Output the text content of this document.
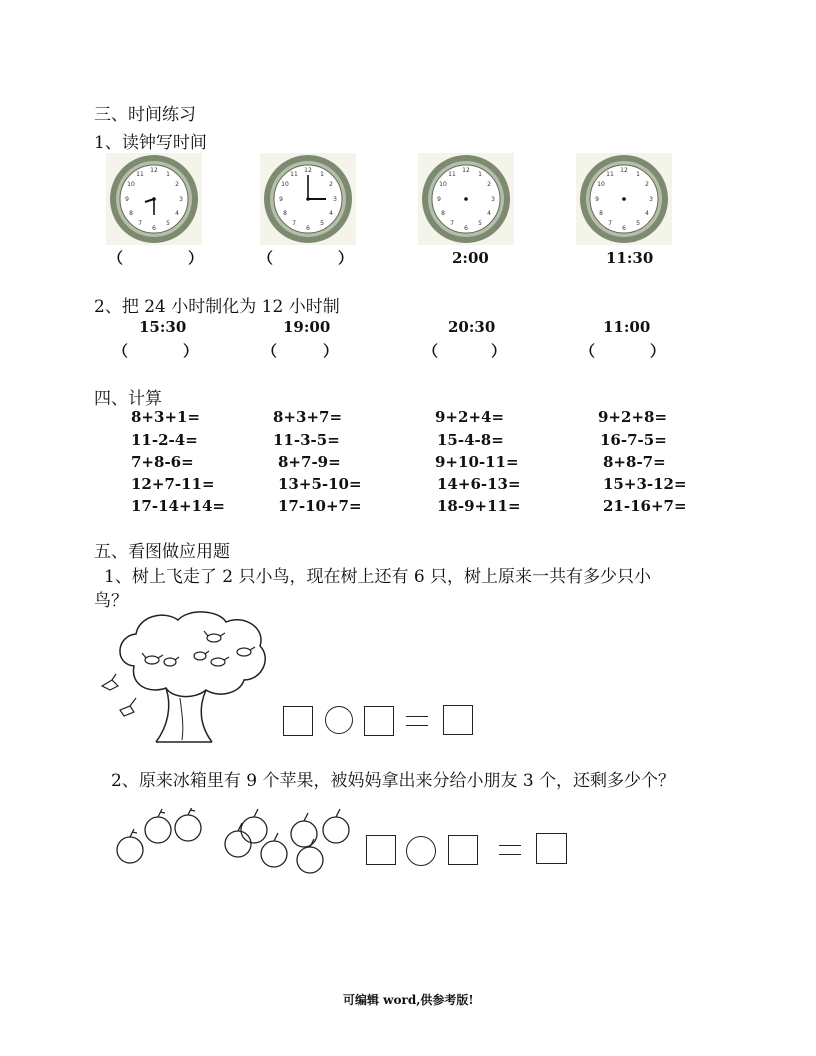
三、时间练习
1、读钟写时间
12
1
2
3
4
5
6
7
8
9
10
11
12
1
2
3
4
5
6
7
8
9
10
11
12
1
2
3
4
5
6
7
8
9
10
11
12
1
2
3
4
5
6
7
8
9
10
11
（	）	（	）	2:00	11:30
2、把 24 小时制化为 12 小时制
15:30	19:00	20:30	11:00
（	）	（	）	（	）	（	）
四、计算
8+3+1=	8+3+7=	9+2+4=	9+2+8=
11-2-4=	11-3-5=	15-4-8=	16-7-5=
7+8-6=	8+7-9=	9+10-11=	8+8-7=
12+7-11=	13+5-10=	14+6-13=	15+3-12=
17-14+14=	17-10+7=	18-9+11=	21-16+7=
五、看图做应用题
1、树上飞走了 2 只小鸟，现在树上还有 6 只，树上原来一共有多少只小
鸟？
2、原来冰箱里有 9 个苹果，被妈妈拿出来分给小朋友 3 个，还剩多少个？
可编辑 word,供参考版!
